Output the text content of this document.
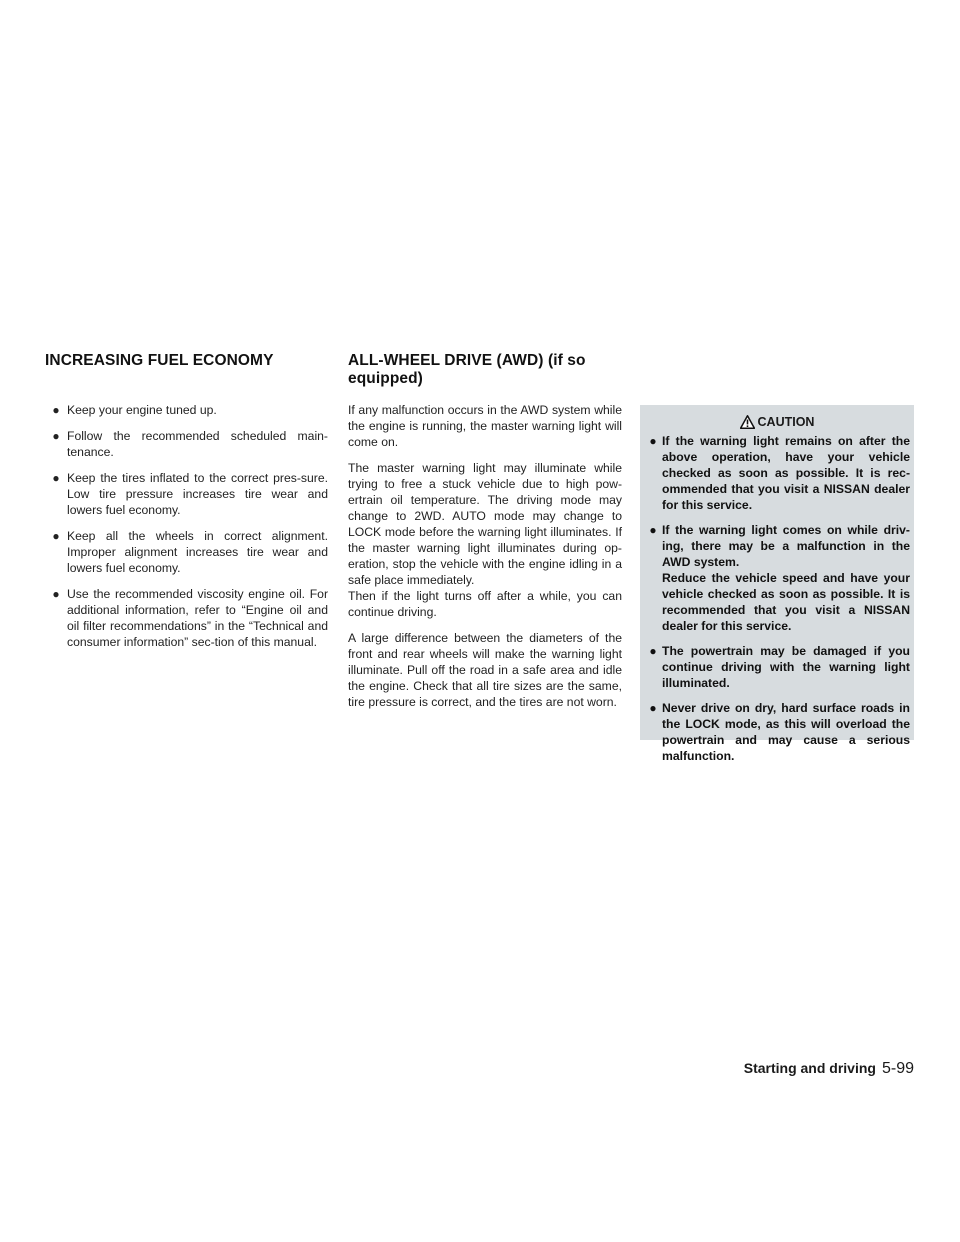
INCREASING FUEL ECONOMY	ALL-WHEEL DRIVE (AWD) (if so equipped)
● Keep your engine tuned up.
● Follow the recommended scheduled main-tenance.
● Keep the tires inflated to the correct pres-sure. Low tire pressure increases tire wear and lowers fuel economy.
● Keep all the wheels in correct alignment. Improper alignment increases tire wear and lowers fuel economy.
● Use the recommended viscosity engine oil. For additional information, refer to “Engine oil and oil filter recommendations” in the “Technical and consumer information” sec-tion of this manual.

If any malfunction occurs in the AWD system while the engine is running, the master warning light will come on.

The master warning light may illuminate while trying to free a stuck vehicle due to high pow-ertrain oil temperature. The driving mode may change to 2WD. AUTO mode may change to LOCK mode before the warning light illuminates. If the master warning light illuminates during op-eration, stop the vehicle with the engine idling in a safe place immediately.

Then if the light turns off after a while, you can continue driving.

A large difference between the diameters of the front and rear wheels will make the warning light illuminate. Pull off the road in a safe area and idle the engine. Check that all tire sizes are the same, tire pressure is correct, and the tires are not worn.

CAUTION
● If the warning light remains on after the above operation, have your vehicle checked as soon as possible. It is rec-ommended that you visit a NISSAN dealer for this service.
● If the warning light comes on while driv-ing, there may be a malfunction in the AWD system.
Reduce the vehicle speed and have your vehicle checked as soon as possible. It is recommended that you visit a NISSAN dealer for this service.
● The powertrain may be damaged if you continue driving with the warning light illuminated.
● Never drive on dry, hard surface roads in the LOCK mode, as this will overload the powertrain and may cause a serious malfunction.
Starting and driving 5-99
